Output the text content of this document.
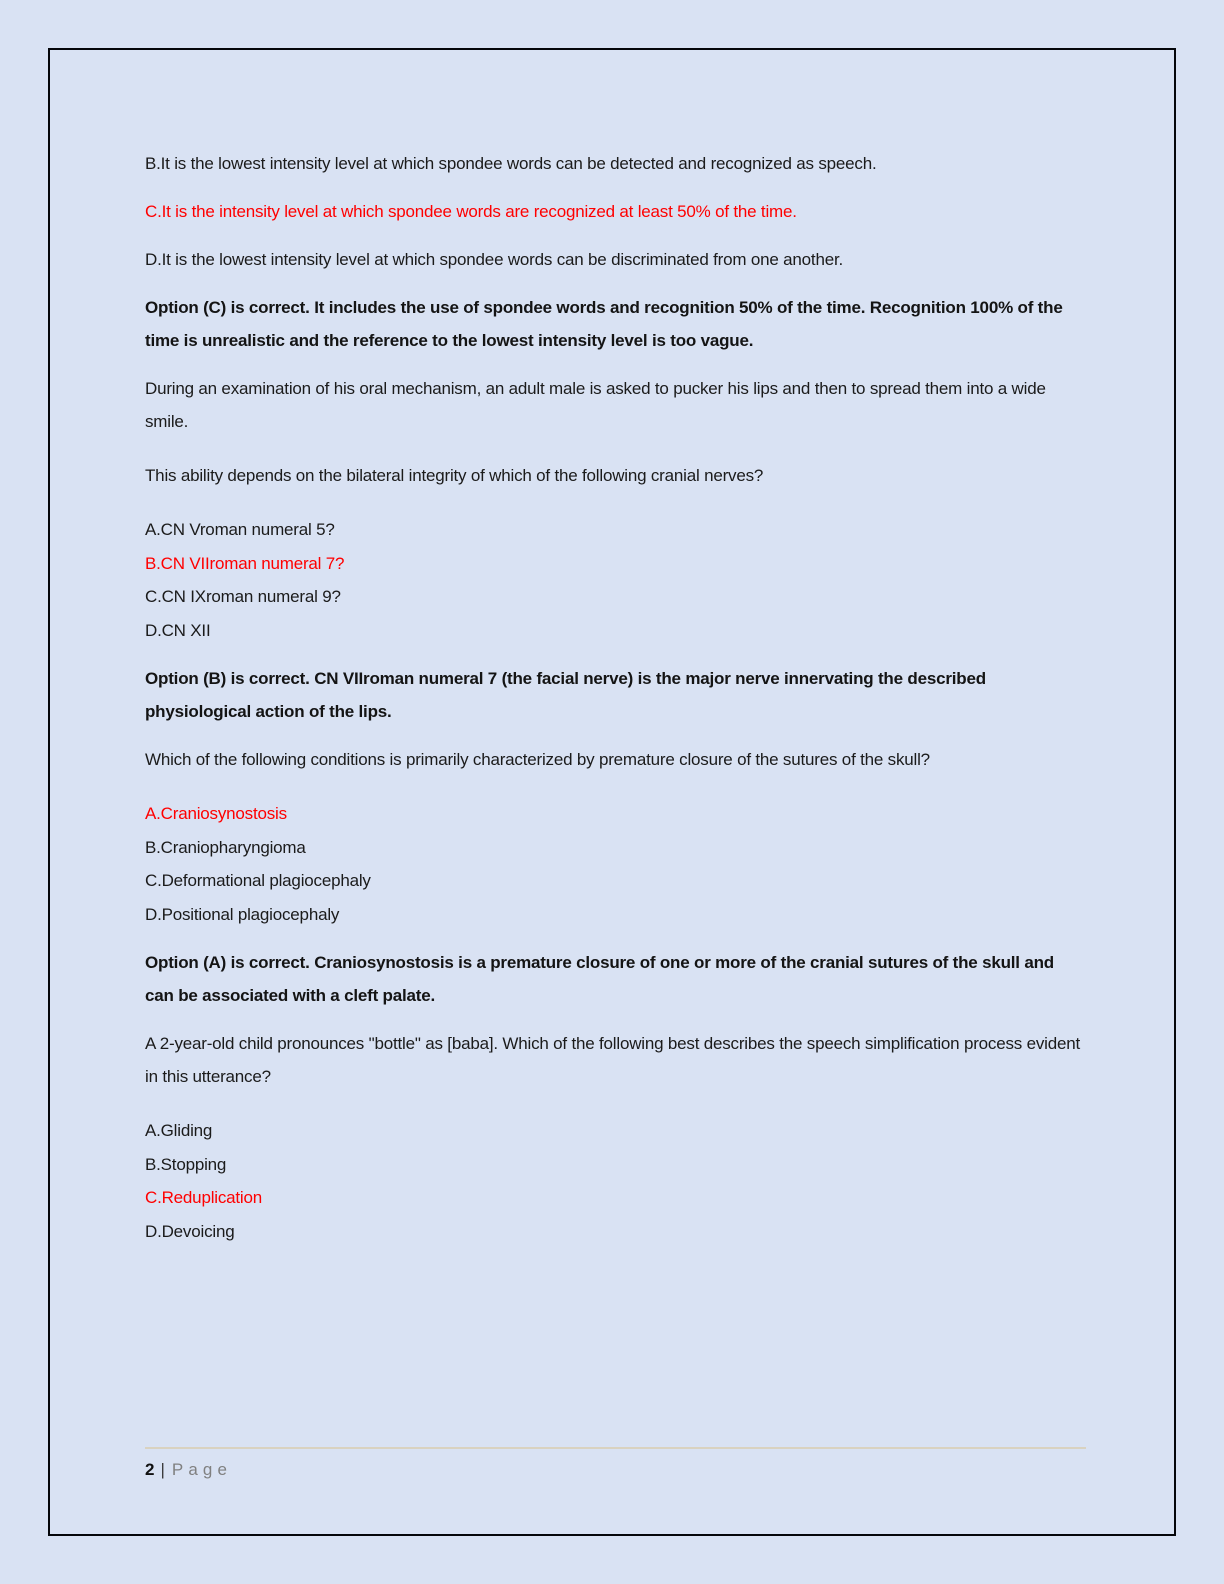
B.It is the lowest intensity level at which spondee words can be detected and recognized as speech.

C.It is the intensity level at which spondee words are recognized at least 50% of the time.

D.It is the lowest intensity level at which spondee words can be discriminated from one another.

Option (C) is correct. It includes the use of spondee words and recognition 50% of the time. Recognition 100% of the time is unrealistic and the reference to the lowest intensity level is too vague.

During an examination of his oral mechanism, an adult male is asked to pucker his lips and then to spread them into a wide smile.

This ability depends on the bilateral integrity of which of the following cranial nerves?

A.CN Vroman numeral 5?
B.CN VIIroman numeral 7?
C.CN IXroman numeral 9?
D.CN XII

Option (B) is correct. CN VIIroman numeral 7 (the facial nerve) is the major nerve innervating the described physiological action of the lips.

Which of the following conditions is primarily characterized by premature closure of the sutures of the skull?

A.Craniosynostosis
B.Craniopharyngioma
C.Deformational plagiocephaly
D.Positional plagiocephaly

Option (A) is correct. Craniosynostosis is a premature closure of one or more of the cranial sutures of the skull and can be associated with a cleft palate.

A 2-year-old child pronounces "bottle" as [baba]. Which of the following best describes the speech simplification process evident in this utterance?

A.Gliding
B.Stopping
C.Reduplication
D.Devoicing
2 | Page
